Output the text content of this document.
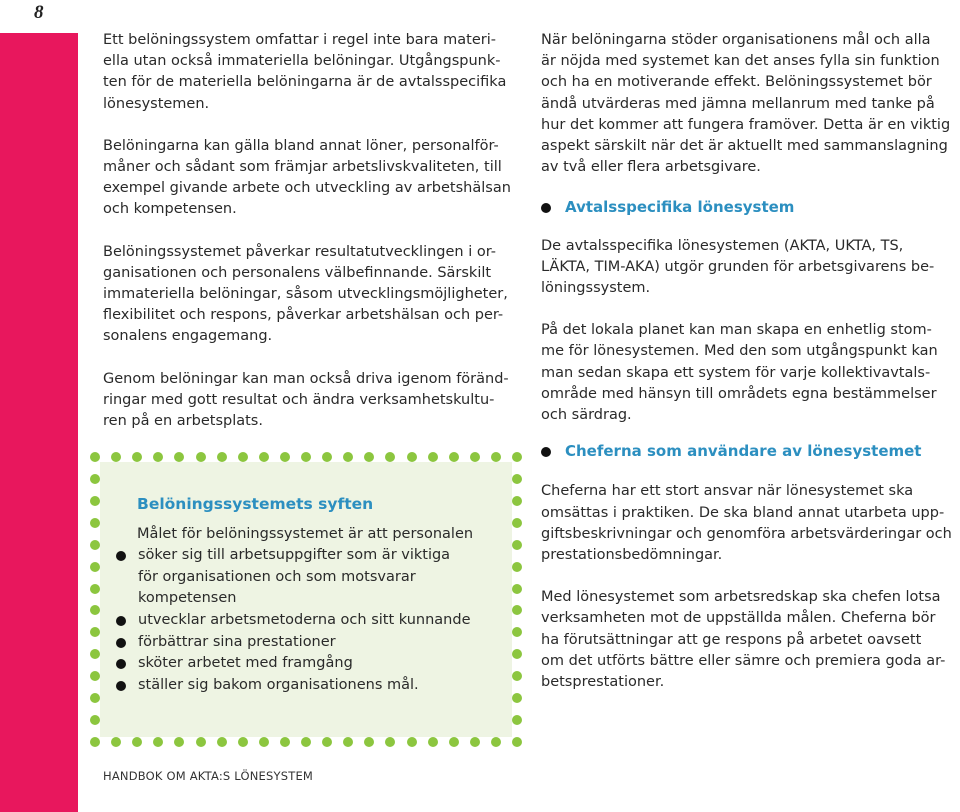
8

Ett belöningssystem omfattar i regel inte bara materi-
ella utan också immateriella belöningar. Utgångspunk-
ten för de materiella belöningarna är de avtalsspecifika
lönesystemen.

Belöningarna kan gälla bland annat löner, personalför-
måner och sådant som främjar arbetslivskvaliteten, till
exempel givande arbete och utveckling av arbetshälsan
och kompetensen.

Belöningssystemet påverkar resultatutvecklingen i or-
ganisationen och personalens välbefinnande. Särskilt
immateriella belöningar, såsom utvecklingsmöjligheter,
flexibilitet och respons, påverkar arbetshälsan och per-
sonalens engagemang.

Genom belöningar kan man också driva igenom föränd-
ringar med gott resultat och ändra verksamhetskultu-
ren på en arbetsplats.

Belöningssystemets syften
Målet för belöningssystemet är att personalen
söker sig till arbetsuppgifter som är viktiga
för organisationen och som motsvarar
kompetensen
utvecklar arbetsmetoderna och sitt kunnande
förbättrar sina prestationer
sköter arbetet med framgång
ställer sig bakom organisationens mål.

När belöningarna stöder organisationens mål och alla
är nöjda med systemet kan det anses fylla sin funktion
och ha en motiverande effekt. Belöningssystemet bör
ändå utvärderas med jämna mellanrum med tanke på
hur det kommer att fungera framöver. Detta är en viktig
aspekt särskilt när det är aktuellt med sammanslagning
av två eller flera arbetsgivare.

Avtalsspecifika lönesystem

De avtalsspecifika lönesystemen (AKTA, UKTA, TS,
LÄKTA, TIM-AKA) utgör grunden för arbetsgivarens be-
löningssystem.

På det lokala planet kan man skapa en enhetlig stom-
me för lönesystemen. Med den som utgångspunkt kan
man sedan skapa ett system för varje kollektivavtals-
område med hänsyn till områdets egna bestämmelser
och särdrag.

Cheferna som användare av lönesystemet

Cheferna har ett stort ansvar när lönesystemet ska
omsättas i praktiken. De ska bland annat utarbeta upp-
giftsbeskrivningar och genomföra arbetsvärderingar och
prestationsbedömningar.

Med lönesystemet som arbetsredskap ska chefen lotsa
verksamheten mot de uppställda målen. Cheferna bör
ha förutsättningar att ge respons på arbetet oavsett
om det utförts bättre eller sämre och premiera goda ar-
betsprestationer.

HANDBOK OM AKTA:S LÖNESYSTEM
